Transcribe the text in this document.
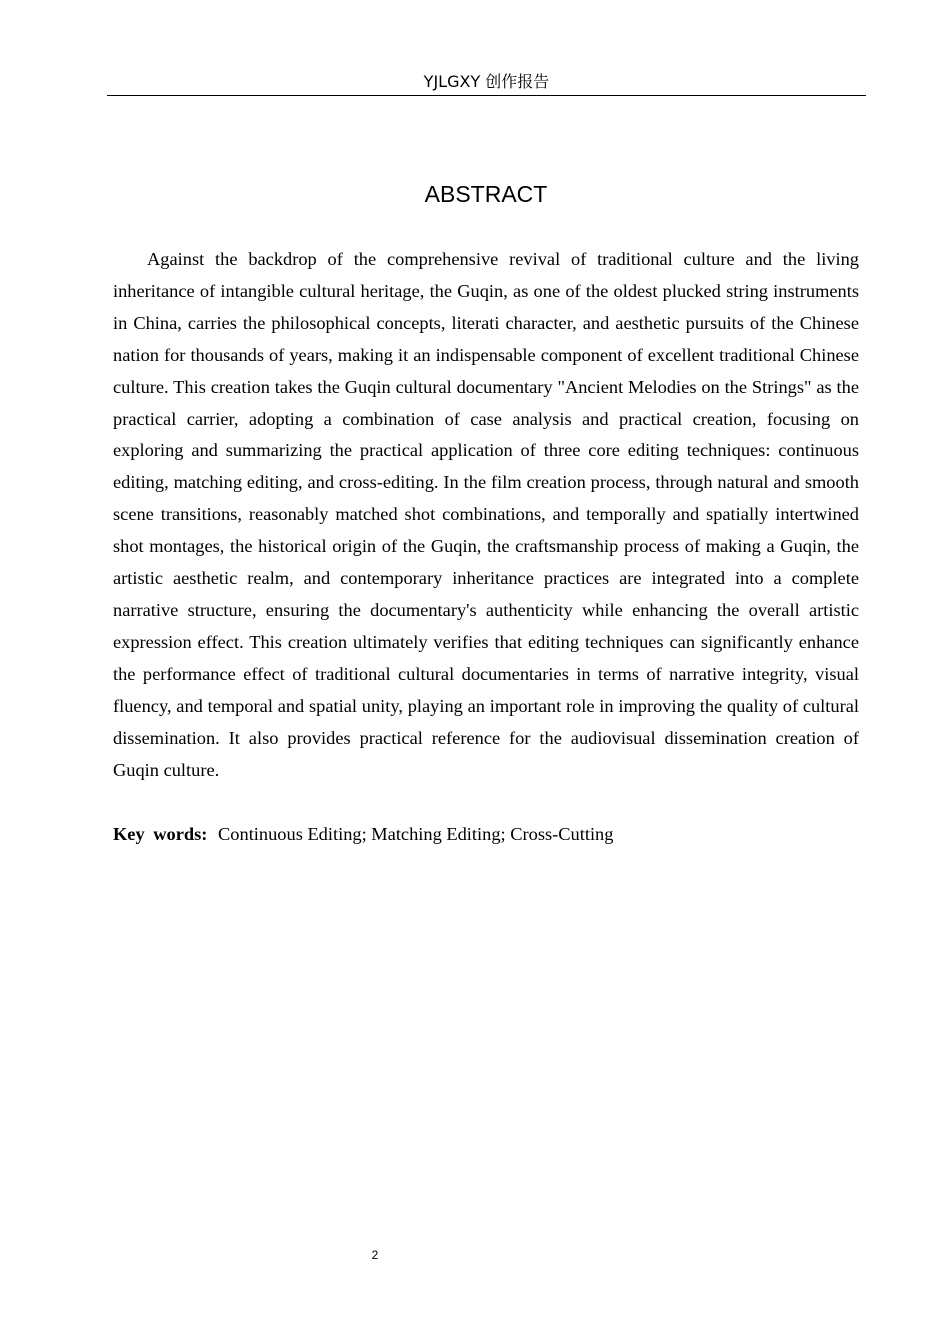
YJLGXY 创作报告
ABSTRACT

Against the backdrop of the comprehensive revival of traditional culture and the living inheritance of intangible cultural heritage, the Guqin, as one of the oldest plucked string instruments in China, carries the philosophical concepts, literati character, and aesthetic pursuits of the Chinese nation for thousands of years, making it an indispensable component of excellent traditional Chinese culture. This creation takes the Guqin cultural documentary "Ancient Melodies on the Strings" as the practical carrier, adopting a combination of case analysis and practical creation, focusing on exploring and summarizing the practical application of three core editing techniques: continuous editing, matching editing, and cross-editing. In the film creation process, through natural and smooth scene transitions, reasonably matched shot combinations, and temporally and spatially intertwined shot montages, the historical origin of the Guqin, the craftsmanship process of making a Guqin, the artistic aesthetic realm, and contemporary inheritance practices are integrated into a complete narrative structure, ensuring the documentary's authenticity while enhancing the overall artistic expression effect. This creation ultimately verifies that editing techniques can significantly enhance the performance effect of traditional cultural documentaries in terms of narrative integrity, visual fluency, and temporal and spatial unity, playing an important role in improving the quality of cultural dissemination. It also provides practical reference for the audiovisual dissemination creation of Guqin culture.

Key words: Continuous Editing; Matching Editing; Cross-Cutting
2
